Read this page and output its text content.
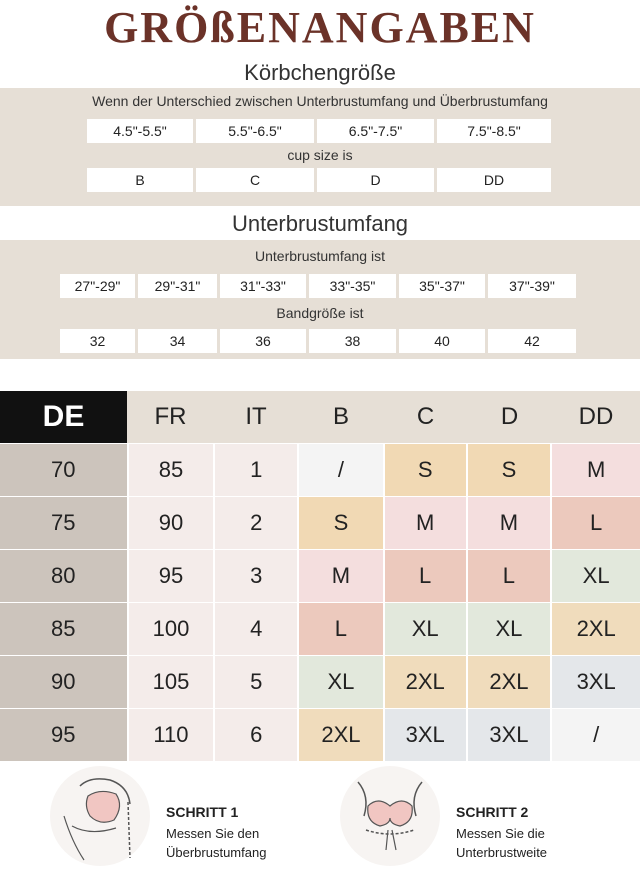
GRÖßENANGABEN
Körbchengröße
Wenn der Unterschied zwischen Unterbrustumfang und Überbrustumfang
4.5"-5.5"	5.5"-6.5"	6.5"-7.5"	7.5"-8.5"
cup size is
B	C	D	DD
Unterbrustumfang
Unterbrustumfang ist
27"-29"	29"-31"	31"-33"	33"-35"	35"-37"	37"-39"
Bandgröße ist
32	34	36	38	40	42
DE	FR	IT	B	C	D	DD
70	85	1	/	S	S	M
75	90	2	S	M	M	L
80	95	3	M	L	L	XL
85	100	4	L	XL	XL	2XL
90	105	5	XL	2XL	2XL	3XL
95	110	6	2XL	3XL	3XL	/
SCHRITT 1
Messen Sie den
Überbrustumfang
SCHRITT 2
Messen Sie die
Unterbrustweite
